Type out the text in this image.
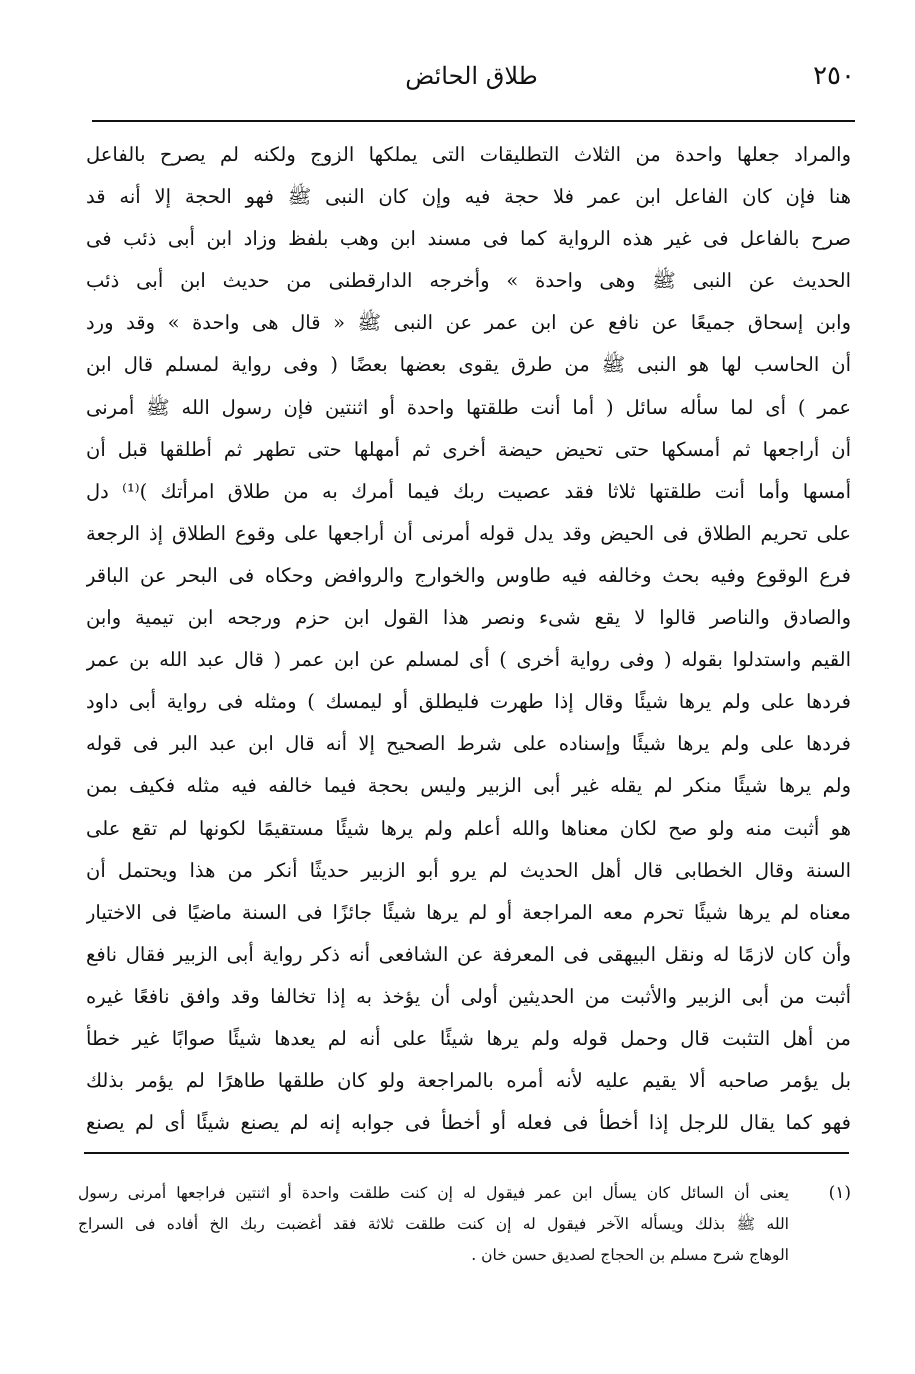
٢٥٠
طلاق الحائض
والمراد جعلها واحدة من الثلاث التطليقات التى يملكها الزوج ولكنه لم يصرح بالفاعل
هنا فإن كان الفاعل ابن عمر فلا حجة فيه وإن كان النبى ﷺ فهو الحجة إلا أنه قد
صرح بالفاعل فى غير هذه الرواية كما فى مسند ابن وهب بلفظ وزاد ابن أبى ذئب فى
الحديث عن النبى ﷺ وهى واحدة » وأخرجه الدارقطنى من حديث ابن أبى ذئب
وابن إسحاق جميعًا عن نافع عن ابن عمر عن النبى ﷺ « قال هى واحدة » وقد ورد
أن الحاسب لها هو النبى ﷺ من طرق يقوى بعضها بعضًا ( وفى رواية لمسلم قال ابن
عمر ) أى لما سأله سائل ( أما أنت طلقتها واحدة أو اثنتين فإن رسول الله ﷺ أمرنى
أن أراجعها ثم أمسكها حتى تحيض حيضة أخرى ثم أمهلها حتى تطهر ثم أطلقها قبل أن
أمسها وأما أنت طلقتها ثلاثا فقد عصيت ربك فيما أمرك به من طلاق امرأتك )⁽¹⁾ دل
على تحريم الطلاق فى الحيض وقد يدل قوله أمرنى أن أراجعها على وقوع الطلاق إذ الرجعة
فرع الوقوع وفيه بحث وخالفه فيه طاوس والخوارج والروافض وحكاه فى البحر عن الباقر
والصادق والناصر قالوا لا يقع شىء ونصر هذا القول ابن حزم ورجحه ابن تيمية وابن
القيم واستدلوا بقوله ( وفى رواية أخرى ) أى لمسلم عن ابن عمر ( قال عبد الله بن عمر
فردها على ولم يرها شيئًا وقال إذا طهرت فليطلق أو ليمسك ) ومثله فى رواية أبى داود
فردها على ولم يرها شيئًا وإسناده على شرط الصحيح إلا أنه قال ابن عبد البر فى قوله
ولم يرها شيئًا منكر لم يقله غير أبى الزبير وليس بحجة فيما خالفه فيه مثله فكيف بمن
هو أثبت منه ولو صح لكان معناها والله أعلم ولم يرها شيئًا مستقيمًا لكونها لم تقع على
السنة وقال الخطابى قال أهل الحديث لم يرو أبو الزبير حديثًا أنكر من هذا ويحتمل أن
معناه لم يرها شيئًا تحرم معه المراجعة أو لم يرها شيئًا جائزًا فى السنة ماضيًا فى الاختيار
وأن كان لازمًا له ونقل البيهقى فى المعرفة عن الشافعى أنه ذكر رواية أبى الزبير فقال نافع
أثبت من أبى الزبير والأثبت من الحديثين أولى أن يؤخذ به إذا تخالفا وقد وافق نافعًا غيره
من أهل التثبت قال وحمل قوله ولم يرها شيئًا على أنه لم يعدها شيئًا صوابًا غير خطأ
بل يؤمر صاحبه ألا يقيم عليه لأنه أمره بالمراجعة ولو كان طلقها طاهرًا لم يؤمر بذلك
فهو كما يقال للرجل إذا أخطأ فى فعله أو أخطأ فى جوابه إنه لم يصنع شيئًا أى لم يصنع
(١)
يعنى أن السائل كان يسأل ابن عمر فيقول له إن كنت طلقت واحدة أو اثنتين فراجعها أمرنى رسول
الله ﷺ بذلك ويسأله الآخر فيقول له إن كنت طلقت ثلاثة فقد أغضبت ربك الخ أفاده فى السراج
الوهاج شرح مسلم بن الحجاج لصديق حسن خان .
